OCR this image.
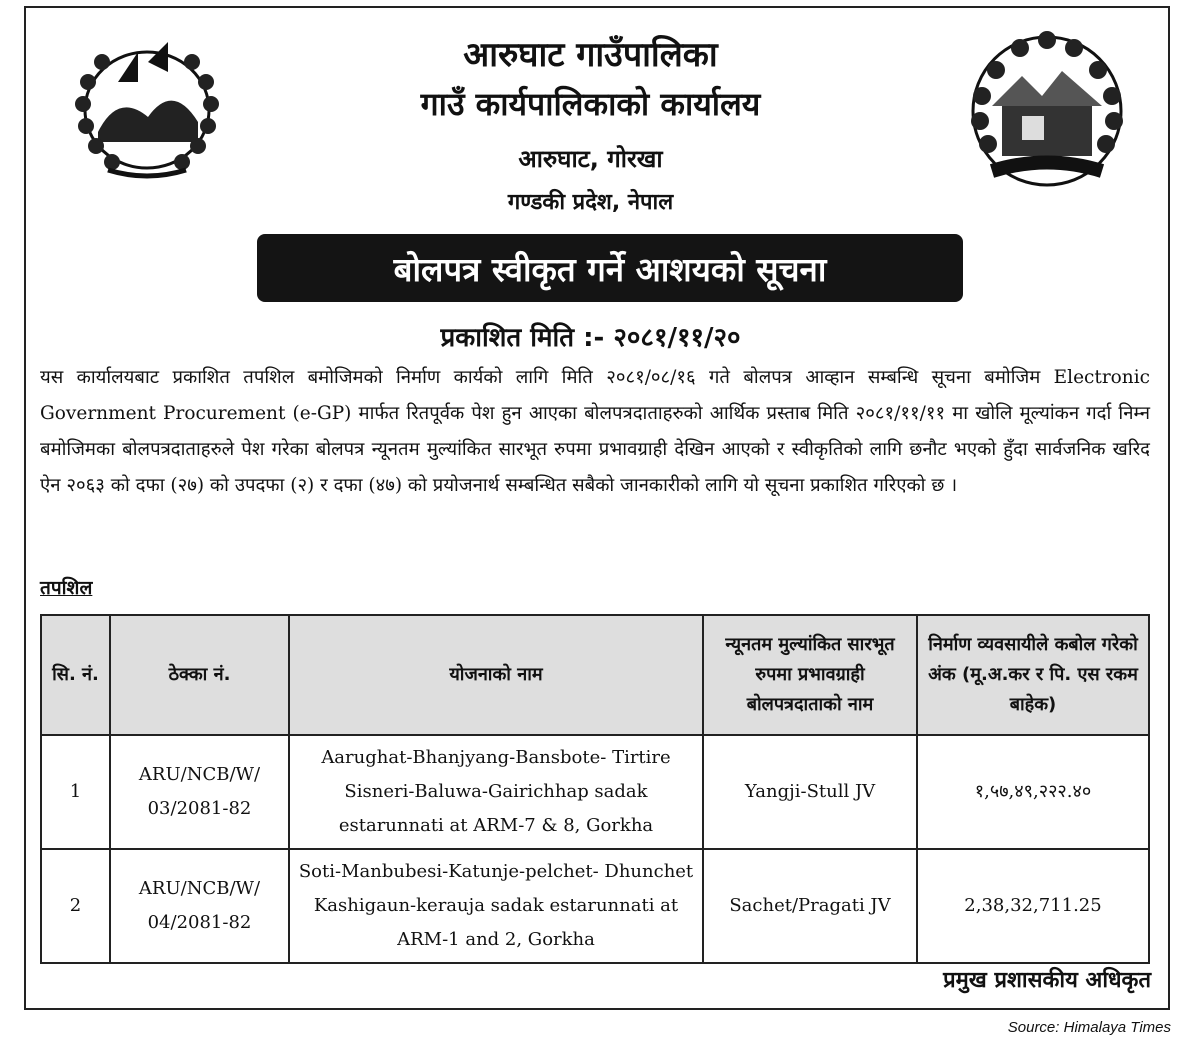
आरुघाट गाउँपालिका
गाउँ कार्यपालिकाको कार्यालय
आरुघाट, गोरखा
गण्डकी प्रदेश, नेपाल
बोलपत्र स्वीकृत गर्ने आशयको सूचना
प्रकाशित मिति :- २०८१/११/२०

यस कार्यालयबाट प्रकाशित तपशिल बमोजिमको निर्माण कार्यको लागि मिति २०८१/०८/१६ गते बोलपत्र आव्हान सम्बन्धि सूचना बमोजिम Electronic Government Procurement (e-GP) मार्फत रितपूर्वक पेश हुन आएका बोलपत्रदाताहरुको आर्थिक प्रस्ताब मिति २०८१/११/११ मा खोलि मूल्यांकन गर्दा निम्न बमोजिमका बोलपत्रदाताहरुले पेश गरेका बोलपत्र न्यूनतम मुल्यांकित सारभूत रुपमा प्रभावग्राही देखिन आएको र स्वीकृतिको लागि छनौट भएको हुँदा सार्वजनिक खरिद ऐन २०६३ को दफा (२७) को उपदफा (२) र दफा (४७) को प्रयोजनार्थ सम्बन्धित सबैको जानकारीको लागि यो सूचना प्रकाशित गरिएको छ ।

तपशिल
सि. नं.	ठेक्का नं.	योजनाको नाम	न्यूनतम मुल्यांकित सारभूत रुपमा प्रभावग्राही बोलपत्रदाताको नाम	निर्माण व्यवसायीले कबोल गरेको अंक (मू.अ.कर र पि. एस रकम बाहेक)
1	ARU/NCB/W/ 03/2081-82	Aarughat-Bhanjyang-Bansbote- Tirtire Sisneri-Baluwa-Gairichhap sadak estarunnati at ARM-7 & 8, Gorkha	Yangji-Stull JV	१,५७,४९,२२२.४०
2	ARU/NCB/W/ 04/2081-82	Soti-Manbubesi-Katunje-pelchet- Dhunchet Kashigaun-kerauja sadak estarunnati at ARM-1 and 2, Gorkha	Sachet/Pragati JV	2,38,32,711.25
प्रमुख प्रशासकीय अधिकृत
Source: Himalaya Times
